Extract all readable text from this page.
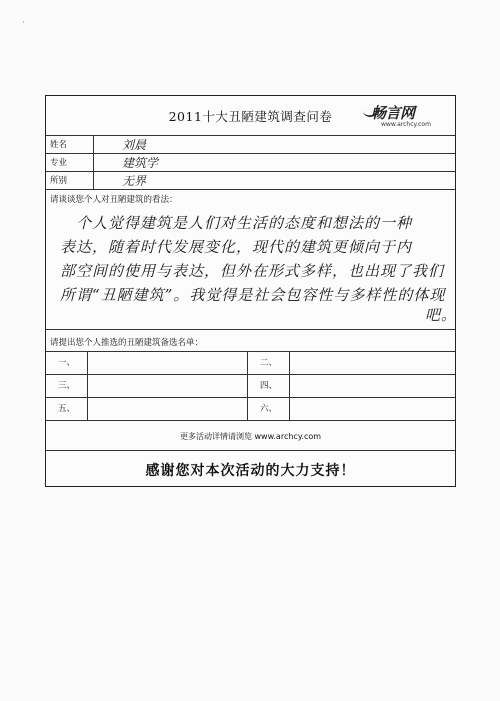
2011十大丑陋建筑调查问卷	畅言网
www.archcy.com
姓名	刘晨
专业	建筑学
所别	无界
请谈谈您个人对丑陋建筑的看法：
个人觉得建筑是人们对生活的态度和想法的一种
表达，随着时代发展变化，现代的建筑更倾向于内
部空间的使用与表达，但外在形式多样，也出现了我们
所谓“丑陋建筑”。我觉得是社会包容性与多样性的体现
吧。
请提出您个人推选的丑陋建筑备选名单：
一、	二、
三、	四、
五、	六、
更多活动详情请浏览 www.archcy.com
感谢您对本次活动的大力支持！
·
'
